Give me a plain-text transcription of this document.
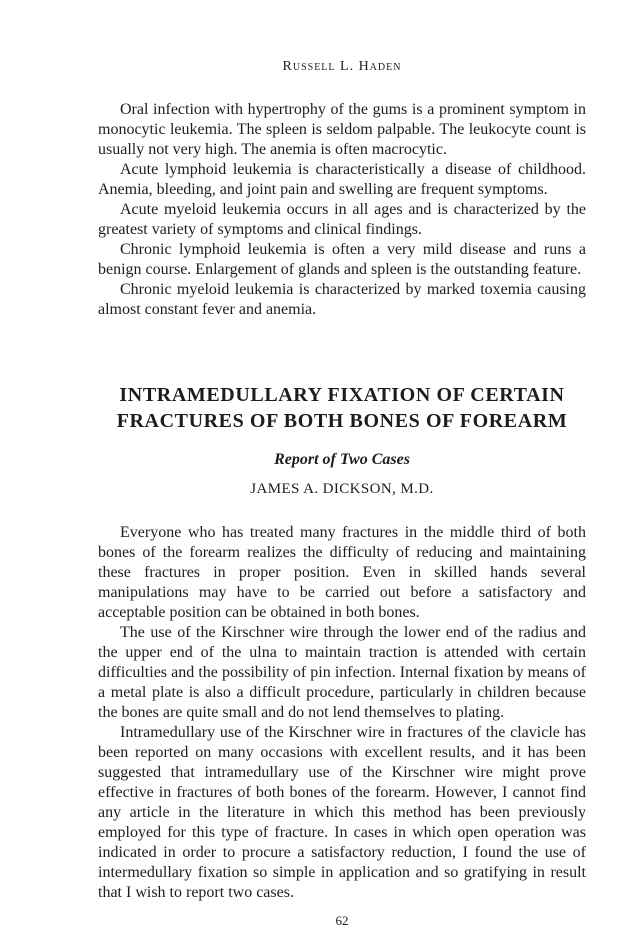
Russell L. Haden

Oral infection with hypertrophy of the gums is a prominent symptom in monocytic leukemia. The spleen is seldom palpable. The leukocyte count is usually not very high. The anemia is often macrocytic.

Acute lymphoid leukemia is characteristically a disease of childhood. Anemia, bleeding, and joint pain and swelling are frequent symptoms.

Acute myeloid leukemia occurs in all ages and is characterized by the greatest variety of symptoms and clinical findings.

Chronic lymphoid leukemia is often a very mild disease and runs a benign course. Enlargement of glands and spleen is the outstanding feature.

Chronic myeloid leukemia is characterized by marked toxemia causing almost constant fever and anemia.

INTRAMEDULLARY FIXATION OF CERTAIN
FRACTURES OF BOTH BONES OF FOREARM
Report of Two Cases
JAMES A. DICKSON, M.D.

Everyone who has treated many fractures in the middle third of both bones of the forearm realizes the difficulty of reducing and maintaining these fractures in proper position. Even in skilled hands several manipulations may have to be carried out before a satisfactory and acceptable position can be obtained in both bones.

The use of the Kirschner wire through the lower end of the radius and the upper end of the ulna to maintain traction is attended with certain difficulties and the possibility of pin infection. Internal fixation by means of a metal plate is also a difficult procedure, particularly in children because the bones are quite small and do not lend themselves to plating.

Intramedullary use of the Kirschner wire in fractures of the clavicle has been reported on many occasions with excellent results, and it has been suggested that intramedullary use of the Kirschner wire might prove effective in fractures of both bones of the forearm. However, I cannot find any article in the literature in which this method has been previously employed for this type of fracture. In cases in which open operation was indicated in order to procure a satisfactory reduction, I found the use of intermedullary fixation so simple in application and so gratifying in result that I wish to report two cases.

62
